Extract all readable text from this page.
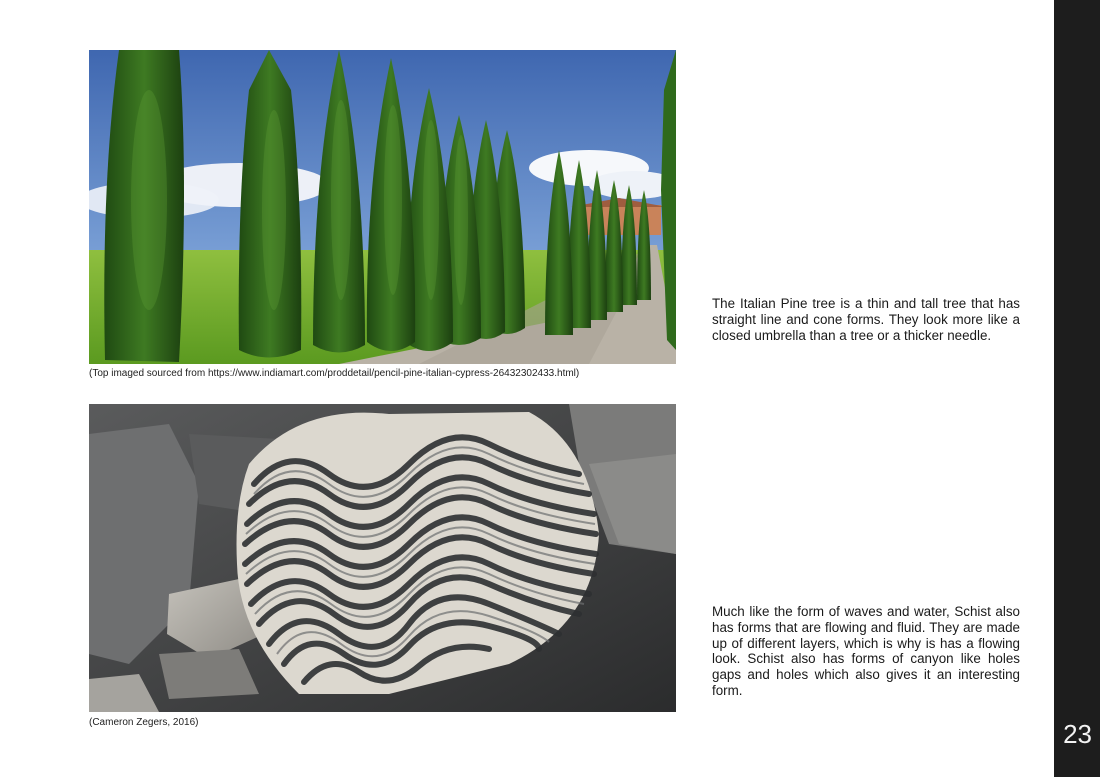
(Top imaged sourced from https://www.indiamart.com/proddetail/pencil-pine-italian-cypress-26432302433.html)
(Cameron Zegers, 2016)

The Italian Pine tree is a thin and tall tree that has straight line and cone forms. They look more like a closed umbrella than a tree or a thicker needle.

Much like the form of waves and water, Schist also has forms that are flowing and fluid. They are made up of different layers, which is why is has a flowing look. Schist also has forms of canyon like holes gaps and holes which also gives it an interesting form.

23
